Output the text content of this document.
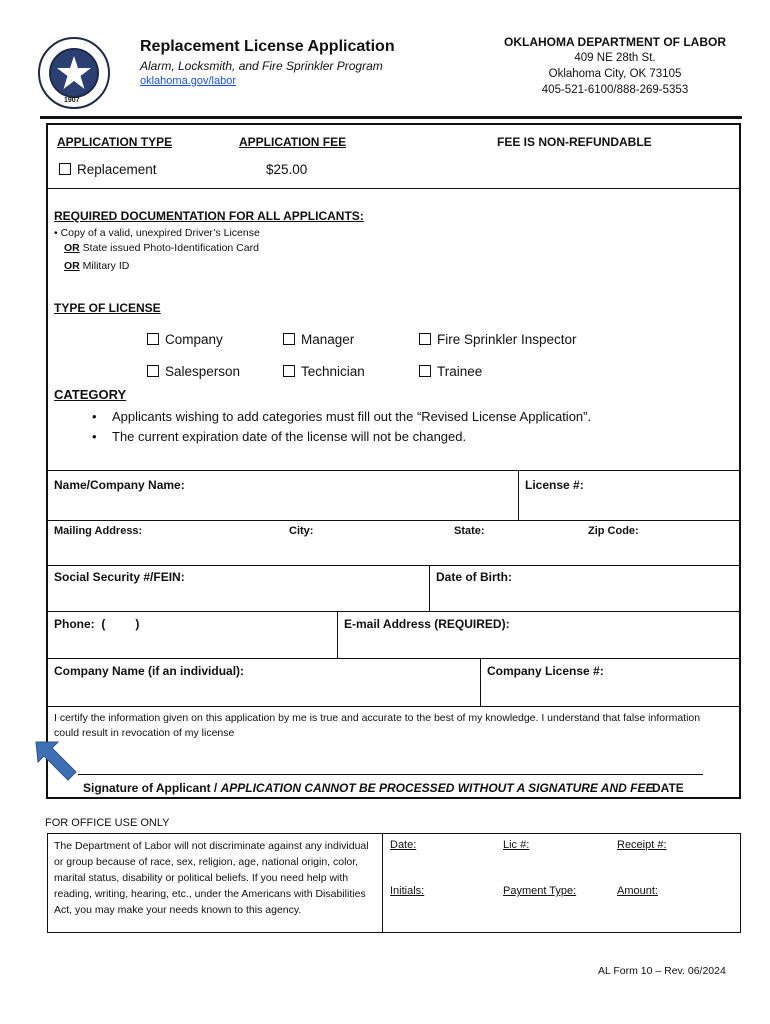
1907
Replacement License Application
Alarm, Locksmith, and Fire Sprinkler Program
oklahoma.gov/labor
OKLAHOMA DEPARTMENT OF LABOR
409 NE 28th St.
Oklahoma City, OK 73105
405-521-6100/888-269-5353
APPLICATION TYPE	APPLICATION FEE	FEE IS NON-REFUNDABLE
Replacement	$25.00
REQUIRED DOCUMENTATION FOR ALL APPLICANTS:
• Copy of a valid, unexpired Driver’s License
OR State issued Photo-Identification Card
OR Military ID
TYPE OF LICENSE
Company	Manager	Fire Sprinkler Inspector
Salesperson	Technician	Trainee
CATEGORY
• Applicants wishing to add categories must fill out the “Revised License Application”.
• The current expiration date of the license will not be changed.
Name/Company Name:	License #:
Mailing Address:	City:	State:	Zip Code:
Social Security #/FEIN:	Date of Birth:
Phone:  (         )	E-mail Address (REQUIRED):
Company Name (if an individual):	Company License #:
I certify the information given on this application by me is true and accurate to the best of my knowledge. I understand that false information could result in revocation of my license
Signature of Applicant / APPLICATION CANNOT BE PROCESSED WITHOUT A SIGNATURE AND FEE
DATE
FOR OFFICE USE ONLY
The Department of Labor will not discriminate against any individual or group because of race, sex, religion, age, national origin, color, marital status, disability or political beliefs. If you need help with reading, writing, hearing, etc., under the Americans with Disabilities Act, you may make your needs known to this agency.
Date:	Lic #:	Receipt #:
Initials:	Payment Type:	Amount:
AL Form 10 – Rev. 06/2024
